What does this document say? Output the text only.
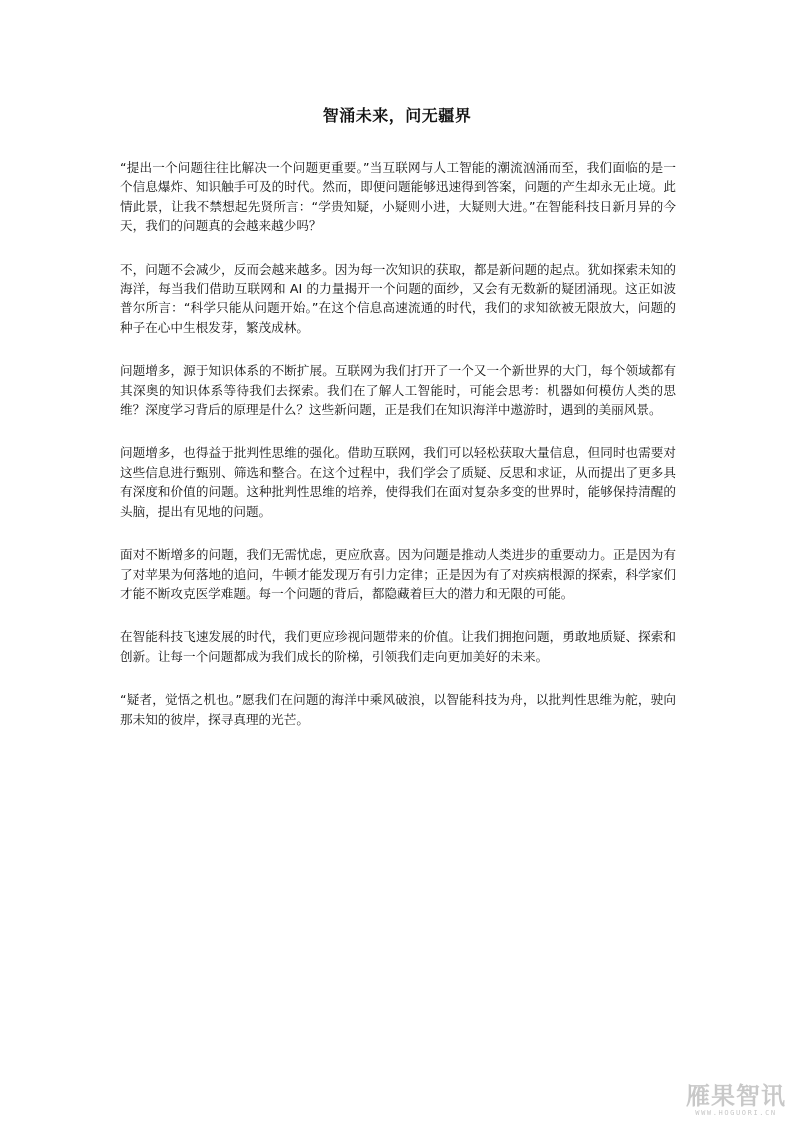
智涌未来，问无疆界

“提出一个问题往往比解决一个问题更重要。”当互联网与人工智能的潮流汹涌而至，我们面临的是一个信息爆炸、知识触手可及的时代。然而，即便问题能够迅速得到答案，问题的产生却永无止境。此情此景，让我不禁想起先贤所言：“学贵知疑，小疑则小进，大疑则大进。”在智能科技日新月异的今天，我们的问题真的会越来越少吗？

不，问题不会减少，反而会越来越多。因为每一次知识的获取，都是新问题的起点。犹如探索未知的海洋，每当我们借助互联网和 AI 的力量揭开一个问题的面纱，又会有无数新的疑团涌现。这正如波普尔所言：“科学只能从问题开始。”在这个信息高速流通的时代，我们的求知欲被无限放大，问题的种子在心中生根发芽，繁茂成林。

问题增多，源于知识体系的不断扩展。互联网为我们打开了一个又一个新世界的大门，每个领域都有其深奥的知识体系等待我们去探索。我们在了解人工智能时，可能会思考：机器如何模仿人类的思维？深度学习背后的原理是什么？这些新问题，正是我们在知识海洋中遨游时，遇到的美丽风景。

问题增多，也得益于批判性思维的强化。借助互联网，我们可以轻松获取大量信息，但同时也需要对这些信息进行甄别、筛选和整合。在这个过程中，我们学会了质疑、反思和求证，从而提出了更多具有深度和价值的问题。这种批判性思维的培养，使得我们在面对复杂多变的世界时，能够保持清醒的头脑，提出有见地的问题。

面对不断增多的问题，我们无需忧虑，更应欣喜。因为问题是推动人类进步的重要动力。正是因为有了对苹果为何落地的追问，牛顿才能发现万有引力定律；正是因为有了对疾病根源的探索，科学家们才能不断攻克医学难题。每一个问题的背后，都隐藏着巨大的潜力和无限的可能。

在智能科技飞速发展的时代，我们更应珍视问题带来的价值。让我们拥抱问题，勇敢地质疑、探索和创新。让每一个问题都成为我们成长的阶梯，引领我们走向更加美好的未来。

“疑者，觉悟之机也。”愿我们在问题的海洋中乘风破浪，以智能科技为舟，以批判性思维为舵，驶向那未知的彼岸，探寻真理的光芒。

雁果智讯
WWW.HOGUORI.CN
